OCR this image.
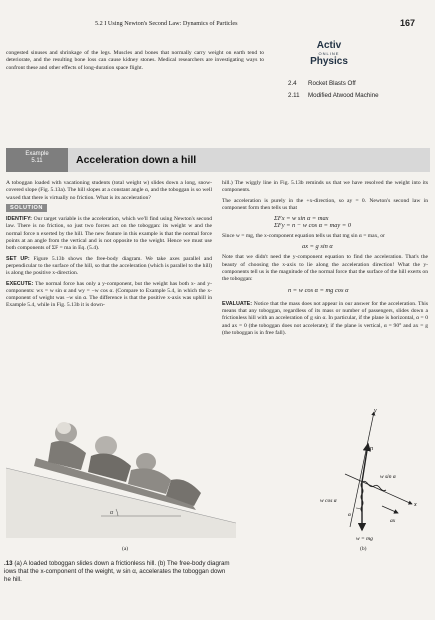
5.2 I Using Newton's Second Law: Dynamics of Particles	167

congested sinuses and shrinkage of the legs. Muscles and bones that normally carry weight on earth tend to deteriorate, and the resulting bone loss can cause kidney stones. Medical researchers are investigating ways to confront these and other effects of long-duration space flight.

Activ
ONLINE
Physics
2.4 Rocket Blasts Off
2.11 Modified Atwood Machine
Example
5.11	Acceleration down a hill

A toboggan loaded with vacationing students (total weight w) slides down a long, snow-covered slope (Fig. 5.13a). The hill slopes at a constant angle α, and the toboggan is so well waxed that there is virtually no friction. What is its acceleration?

SOLUTION

IDENTIFY: Our target variable is the acceleration, which we'll find using Newton's second law. There is no friction, so just two forces act on the toboggan: its weight w and the normal force n exerted by the hill. The new feature in this example is that the normal force points at an angle from the vertical and is not opposite to the weight. Hence we must use both components of ΣF = ma in Eq. (5.4).

SET UP: Figure 5.13b shows the free-body diagram. We take axes parallel and perpendicular to the surface of the hill, so that the acceleration (which is parallel to the hill) is along the positive x-direction.

EXECUTE: The normal force has only a y-component, but the weight has both x- and y-components: wx = w sin α and wy = −w cos α. (Compare to Example 5.4, in which the x-component of weight was −w sin α. The difference is that the positive x-axis was uphill in Example 5.4, while in Fig. 5.13b it is down-

hill.) The wiggly line in Fig. 5.13b reminds us that we have resolved the weight into its components.

The acceleration is purely in the +x-direction, so ay = 0. Newton's second law in component form then tells us that

ΣFx = w sin α = max
ΣFy = n − w cos α = may = 0

Since w = mg, the x-component equation tells us that mg sin α = max, or

ax = g sin α

Note that we didn't need the y-component equation to find the acceleration. That's the beauty of choosing the x-axis to lie along the acceleration direction! What the y-components tell us is the magnitude of the normal force that the surface of the hill exerts on the toboggan:

n = w cos α = mg cos α

EVALUATE: Notice that the mass does not appear in our answer for the acceleration. This means that any toboggan, regardless of its mass or number of passengers, slides down a frictionless hill with an acceleration of g sin α. In particular, if the plane is horizontal, α = 0 and ax = 0 (the toboggan does not accelerate); if the plane is vertical, α = 90° and ax = g (the toboggan is in free fall).

α
(a)
y
x
n
w sin α
w cos α
α
ax
w = mg
(b)
.13 (a) A loaded toboggan slides down a frictionless hill. (b) The free-body diagram
iows that the x-component of the weight, w sin α, accelerates the toboggan down
he hill.
